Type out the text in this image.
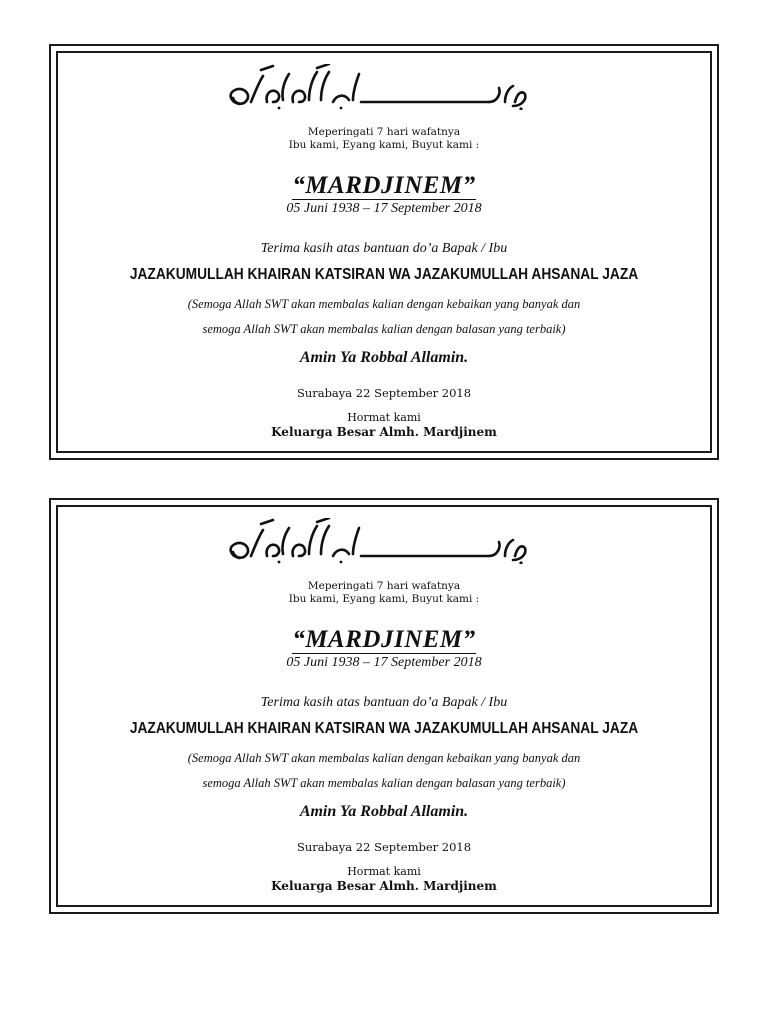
Meperingati 7 hari wafatnya
Ibu kami, Eyang kami, Buyut kami :
“MARDJINEM”
05 Juni 1938 – 17 September 2018
Terima kasih atas bantuan do’a Bapak / Ibu
JAZAKUMULLAH KHAIRAN KATSIRAN WA JAZAKUMULLAH AHSANAL JAZA
(Semoga Allah SWT akan membalas kalian dengan kebaikan yang banyak dan
semoga Allah SWT akan membalas kalian dengan balasan yang terbaik)
Amin Ya Robbal Allamin.
Surabaya 22 September 2018
Hormat kami
Keluarga Besar Almh. Mardjinem
Meperingati 7 hari wafatnya
Ibu kami, Eyang kami, Buyut kami :
“MARDJINEM”
05 Juni 1938 – 17 September 2018
Terima kasih atas bantuan do’a Bapak / Ibu
JAZAKUMULLAH KHAIRAN KATSIRAN WA JAZAKUMULLAH AHSANAL JAZA
(Semoga Allah SWT akan membalas kalian dengan kebaikan yang banyak dan
semoga Allah SWT akan membalas kalian dengan balasan yang terbaik)
Amin Ya Robbal Allamin.
Surabaya 22 September 2018
Hormat kami
Keluarga Besar Almh. Mardjinem
